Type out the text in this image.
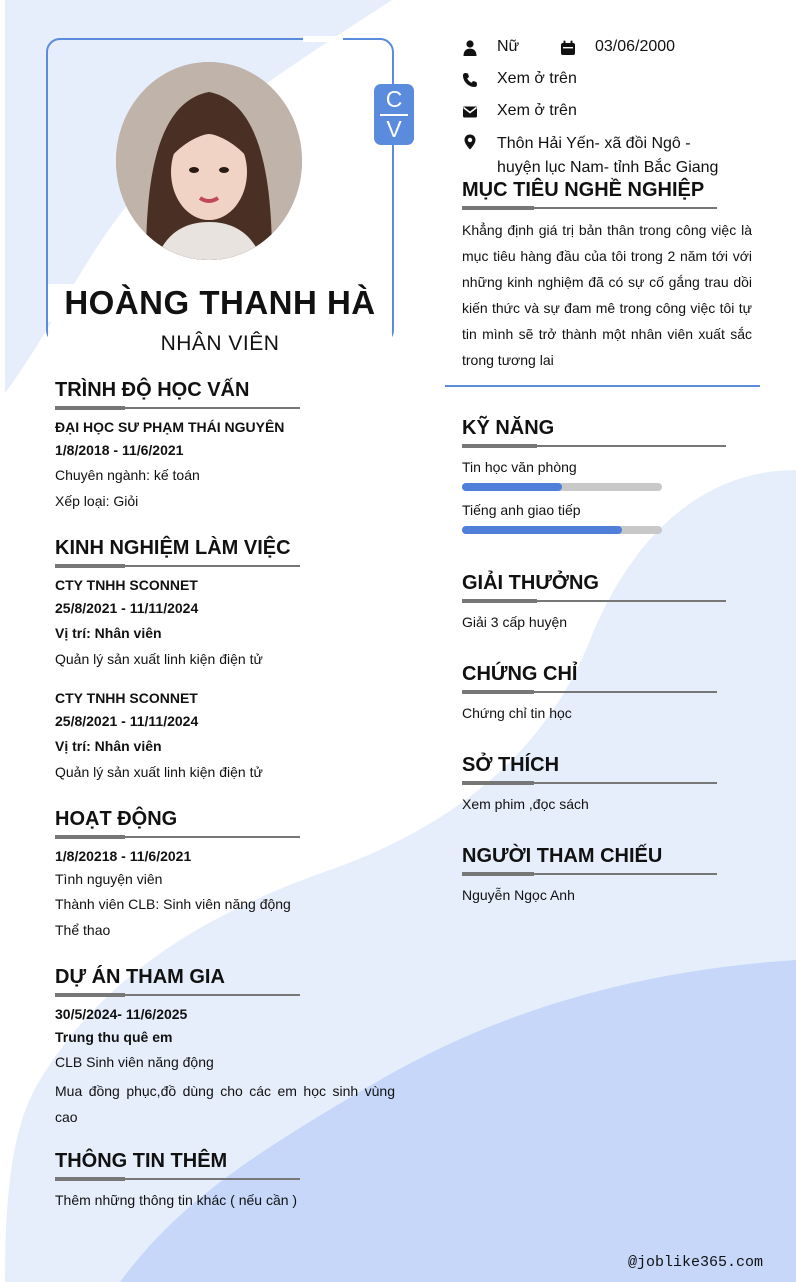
HOÀNG THANH HÀ
NHÂN VIÊN
C
V
Nữ	03/06/2000
Xem ở trên
Xem ở trên
Thôn Hải Yến- xã đồi Ngô -huyện lục Nam- tỉnh Bắc Giang
MỤC TIÊU NGHỀ NGHIỆP
Khẳng định giá trị bản thân trong công việc là mục tiêu hàng đầu của tôi trong 2 năm tới với những kinh nghiệm đã có sự cố gắng trau dồi kiến thức và sự đam mê trong công việc tôi tự tin mình sẽ trở thành một nhân viên xuất sắc trong tương lai
TRÌNH ĐỘ HỌC VẤN
ĐẠI HỌC SƯ PHẠM THÁI NGUYÊN
1/8/2018 - 11/6/2021
Chuyên ngành: kế toán
Xếp loại: Giỏi
KINH NGHIỆM LÀM VIỆC
CTY TNHH SCONNET
25/8/2021 - 11/11/2024
Vị trí: Nhân viên
Quản lý sản xuất linh kiện điện tử
CTY TNHH SCONNET
25/8/2021 - 11/11/2024
Vị trí: Nhân viên
Quản lý sản xuất linh kiện điện tử
HOẠT ĐỘNG
1/8/20218 - 11/6/2021
Tình nguyện viên
Thành viên CLB: Sinh viên năng động
Thể thao
DỰ ÁN THAM GIA
30/5/2024- 11/6/2025
Trung thu quê em
CLB Sinh viên năng động
Mua đồng phục,đồ dùng cho các em học sinh vùng cao
THÔNG TIN THÊM
Thêm những thông tin khác ( nếu cần )
KỸ NĂNG
Tin học văn phòng
Tiếng anh giao tiếp
GIẢI THƯỞNG
Giải 3 cấp huyện
CHỨNG CHỈ
Chứng chỉ tin học
SỞ THÍCH
Xem phim ,đọc sách
NGƯỜI THAM CHIẾU
Nguyễn Ngọc Anh
@joblike365.com
